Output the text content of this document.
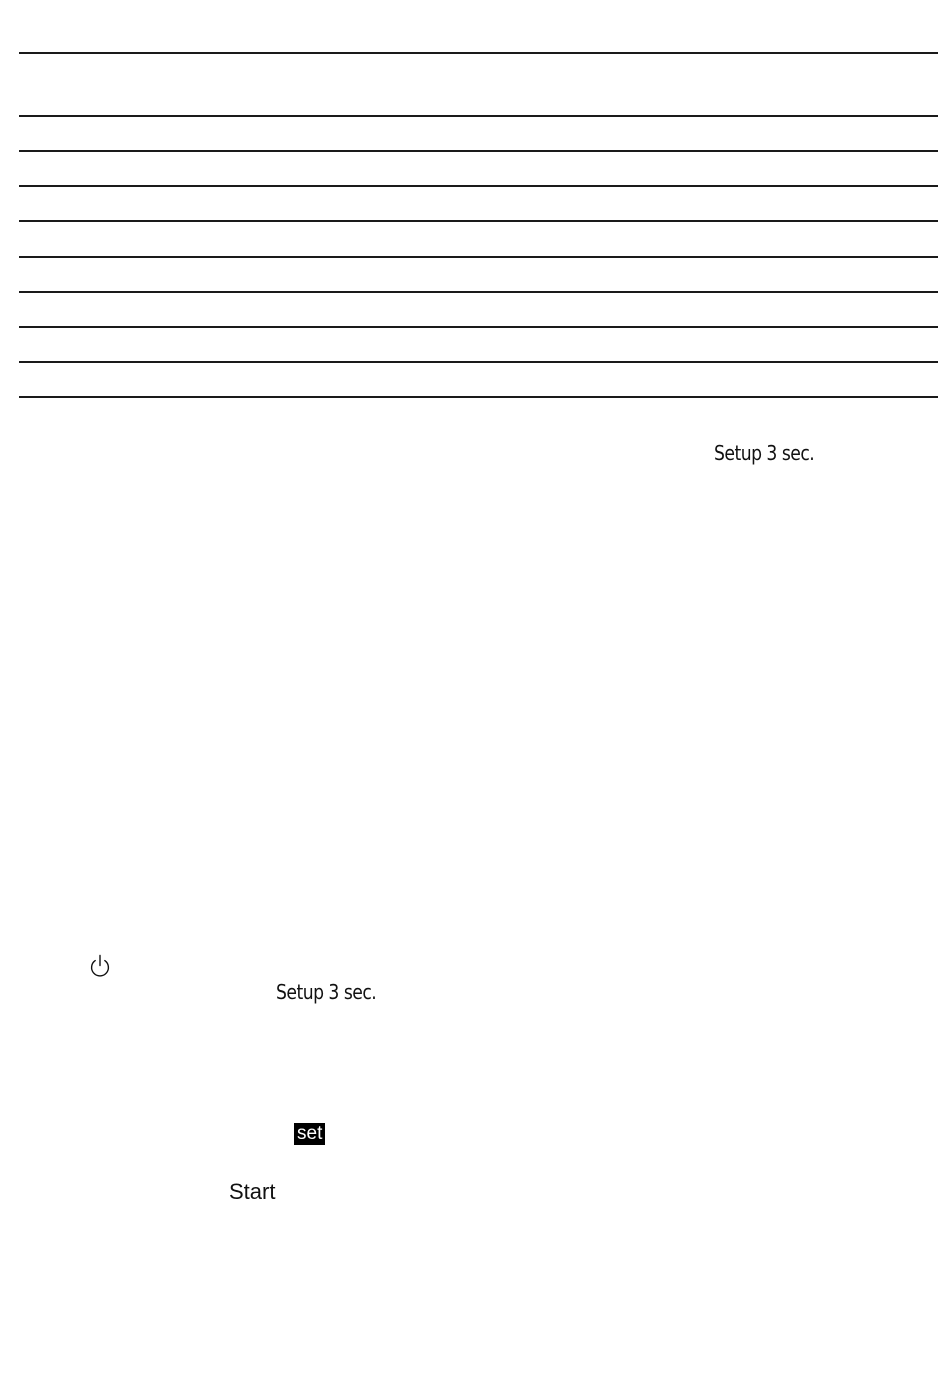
Setup 3 sec.
Setup 3 sec.
set
Start
